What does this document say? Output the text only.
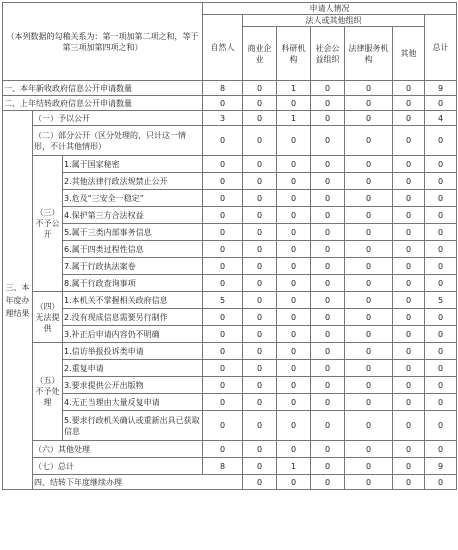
（本列数据的勾稽关系为：第一项加第二项之和，等于第三项加第四项之和）			申请人情况							
			自然人	法人或其他组织					总计	
				商业企业	科研机构	社会公益组织	法律服务机构	其他		
一、本年新收政府信息公开申请数量			8	0	1	0	0	0	9	
二、上年结转政府信息公开申请数量			0	0	0	0	0	0	0	
三、本年度办理结果	（一）予以公开		3	0	1	0	0	0	4	
	（二）部分公开（区分处理的，只计这一情形，不计其他情形）		0	0	0	0	0	0	0	
	（三）不予公开	1.属于国家秘密	0	0	0	0	0	0	0	
		2.其他法律行政法规禁止公开	0	0	0	0	0	0	0	
		3.危及“三安全一稳定”	0	0	0	0	0	0	0	
		4.保护第三方合法权益	0	0	0	0	0	0	0	
		5.属于三类内部事务信息	0	0	0	0	0	0	0	
		6.属于四类过程性信息	0	0	0	0	0	0	0	
		7.属于行政执法案卷	0	0	0	0	0	0	0	
		8.属于行政查询事项	0	0	0	0	0	0	0	
	（四）无法提供	1.本机关不掌握相关政府信息	5	0	0	0	0	0	5	
		2.没有现成信息需要另行制作	0	0	0	0	0	0	0	
		3.补正后申请内容仍不明确	0	0	0	0	0	0	0	
	（五）不予处理	1.信访举报投诉类申请	0	0	0	0	0	0	0	
		2.重复申请	0	0	0	0	0	0	0	
		3.要求提供公开出版物	0	0	0	0	0	0	0	
		4.无正当理由大量反复申请	0	0	0	0	0	0	0	
		5.要求行政机关确认或重新出具已获取信息	0	0	0	0	0	0	0	
	（六）其他处理		0	0	0	0	0	0	0	
	（七）总计		8	0	1	0	0	0	9	
	四、结转下年度继续办理			0	0	0	0	0	0	
